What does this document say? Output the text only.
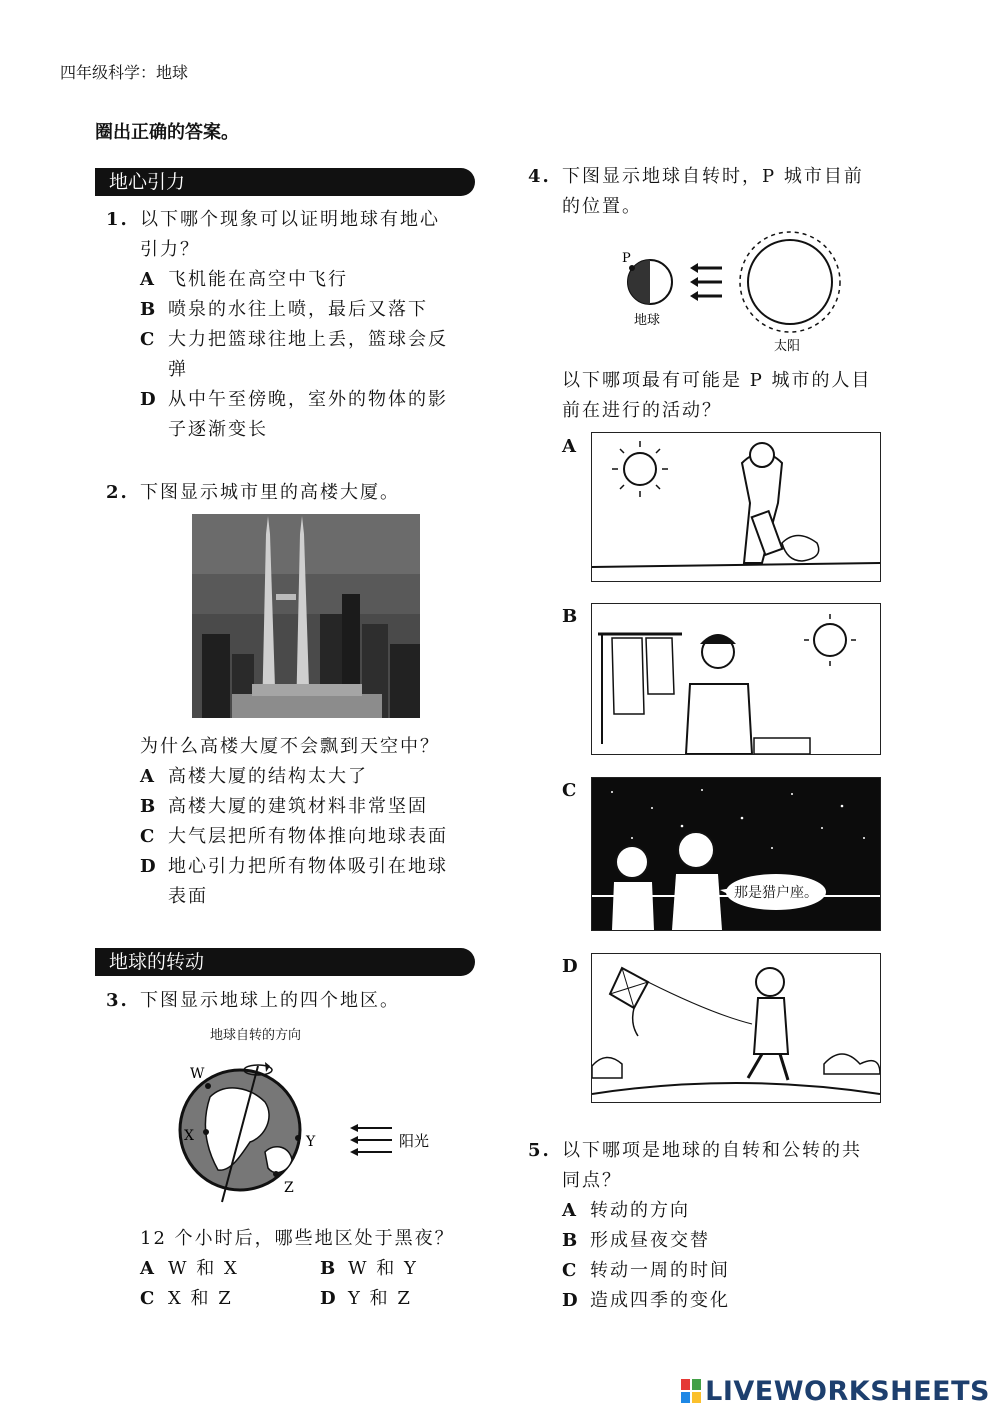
四年级科学：地球
圈出正确的答案。
地心引力
1. 以下哪个现象可以证明地球有地心
引力？
A 飞机能在高空中飞行
B 喷泉的水往上喷，最后又落下
C 大力把篮球往地上丢，篮球会反
弹
D 从中午至傍晚，室外的物体的影
子逐渐变长
2. 下图显示城市里的高楼大厦。
为什么高楼大厦不会飘到天空中？
A 高楼大厦的结构太大了
B 高楼大厦的建筑材料非常坚固
C 大气层把所有物体推向地球表面
D 地心引力把所有物体吸引在地球
表面
地球的转动
3. 下图显示地球上的四个地区。
地球自转的方向
W
X	Y
Z
阳光
12 个小时后，哪些地区处于黑夜？
A W 和 X	B W 和 Y
C X 和 Z	D Y 和 Z
4. 下图显示地球自转时，P 城市目前
的位置。
P
地球
太阳
以下哪项最有可能是 P 城市的人目
前在进行的活动？
A
B
C
那是猎户座。
D
5. 以下哪项是地球的自转和公转的共
同点？
A 转动的方向
B 形成昼夜交替
C 转动一周的时间
D 造成四季的变化
LIVEWORKSHEETS
